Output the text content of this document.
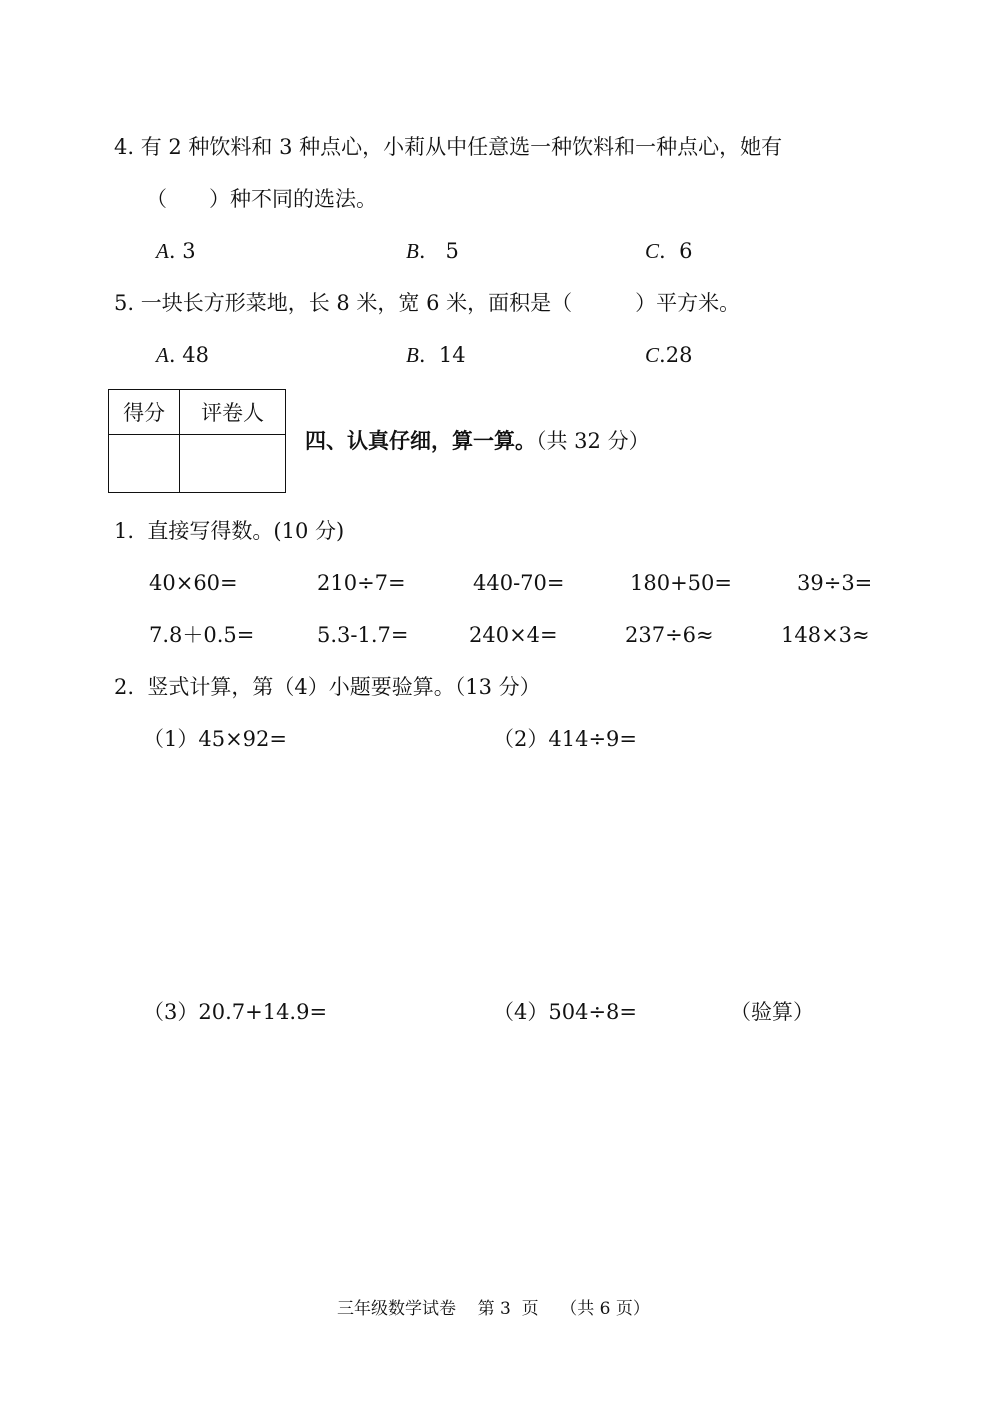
4. 有 2 种饮料和 3 种点心，小莉从中任意选一种饮料和一种点心，她有
（　　）种不同的选法。
A. 3	B. 5	C. 6
5. 一块长方形菜地，长 8 米，宽 6 米，面积是（　　　）平方米。
A. 48	B. 14	C.28
得分	评卷人

四、认真仔细，算一算。（共 32 分）
1.  直接写得数。(10 分)
40×60=	210÷7=	440-70=	180+50=	39÷3=
7.8＋0.5=	5.3-1.7=	240×4=	237÷6≈	148×3≈
2.  竖式计算，第（4）小题要验算。（13 分）
（1）45×92=	（2）414÷9=
（3）20.7+14.9=	（4）504÷8=	（验算）
三年级数学试卷 第 3  页 （共 6 页）
